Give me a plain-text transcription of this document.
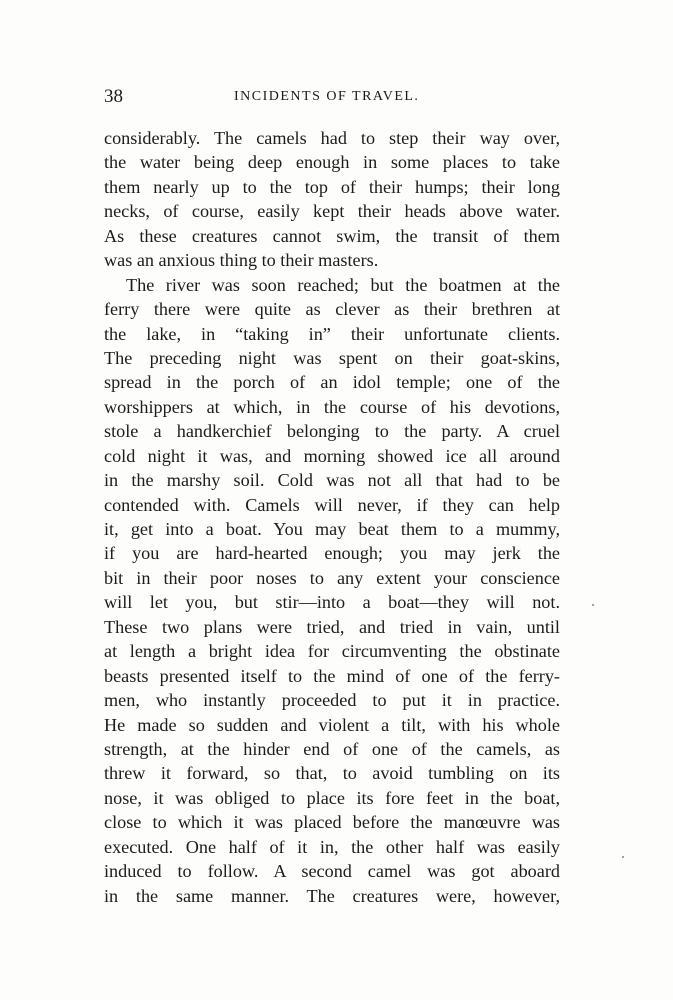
38	INCIDENTS OF TRAVEL.
considerably. The camels had to step their way over,
the water being deep enough in some places to take
them nearly up to the top of their humps; their long
necks, of course, easily kept their heads above water.
As these creatures cannot swim, the transit of them
was an anxious thing to their masters.
The river was soon reached; but the boatmen at the
ferry there were quite as clever as their brethren at
the lake, in “taking in” their unfortunate clients.
The preceding night was spent on their goat-skins,
spread in the porch of an idol temple; one of the
worshippers at which, in the course of his devotions,
stole a handkerchief belonging to the party. A cruel
cold night it was, and morning showed ice all around
in the marshy soil. Cold was not all that had to be
contended with. Camels will never, if they can help
it, get into a boat. You may beat them to a mummy,
if you are hard-hearted enough; you may jerk the
bit in their poor noses to any extent your conscience
will let you, but stir—into a boat—they will not.
These two plans were tried, and tried in vain, until
at length a bright idea for circumventing the obstinate
beasts presented itself to the mind of one of the ferry-
men, who instantly proceeded to put it in practice.
He made so sudden and violent a tilt, with his whole
strength, at the hinder end of one of the camels, as
threw it forward, so that, to avoid tumbling on its
nose, it was obliged to place its fore feet in the boat,
close to which it was placed before the manœuvre was
executed. One half of it in, the other half was easily
induced to follow. A second camel was got aboard
in the same manner. The creatures were, however,
